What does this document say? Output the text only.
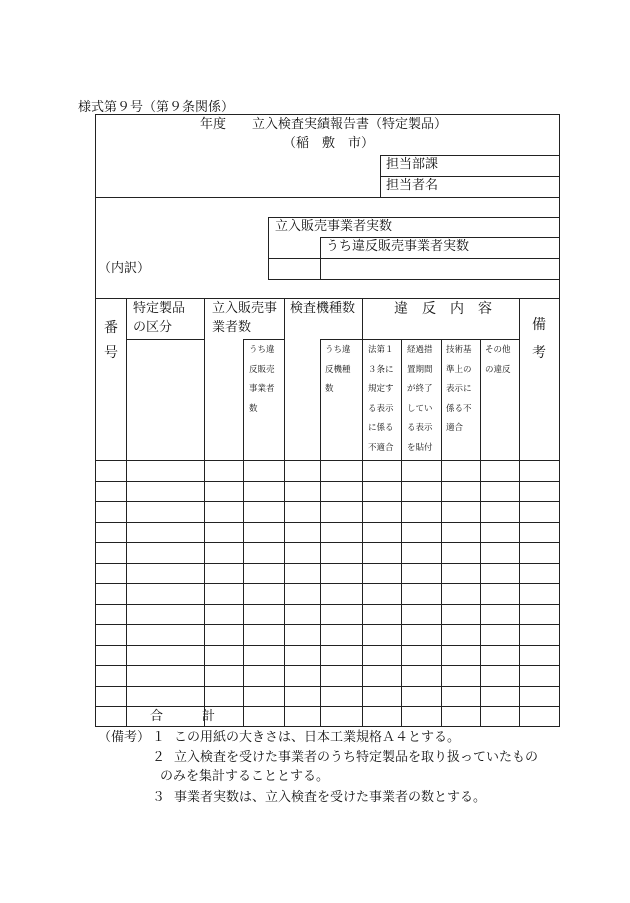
様式第９号（第９条関係）
年度　　立入検査実績報告書（特定製品）
（稲　敷　市）
担当部課
担当者名
立入販売事業者実数
うち違反販売事業者実数
（内訳）
番
号
特定製品
の区分
立入販売事
業者数
うち違
反販売
事業者
数
検査機種数
うち違
反機種
数
違　反　内　容
法第１
３条に
規定す
る表示
に係る
不適合
経過措
置期間
が終了
してい
る表示
を貼付
技術基
準上の
表示に
係る不
適合
その他
の違反
備
考
合　　　計
（備考） １ この用紙の大きさは、日本工業規格Ａ４とする。
２ 立入検査を受けた事業者のうち特定製品を取り扱っていたもの
のみを集計することとする。
３ 事業者実数は、立入検査を受けた事業者の数とする。
